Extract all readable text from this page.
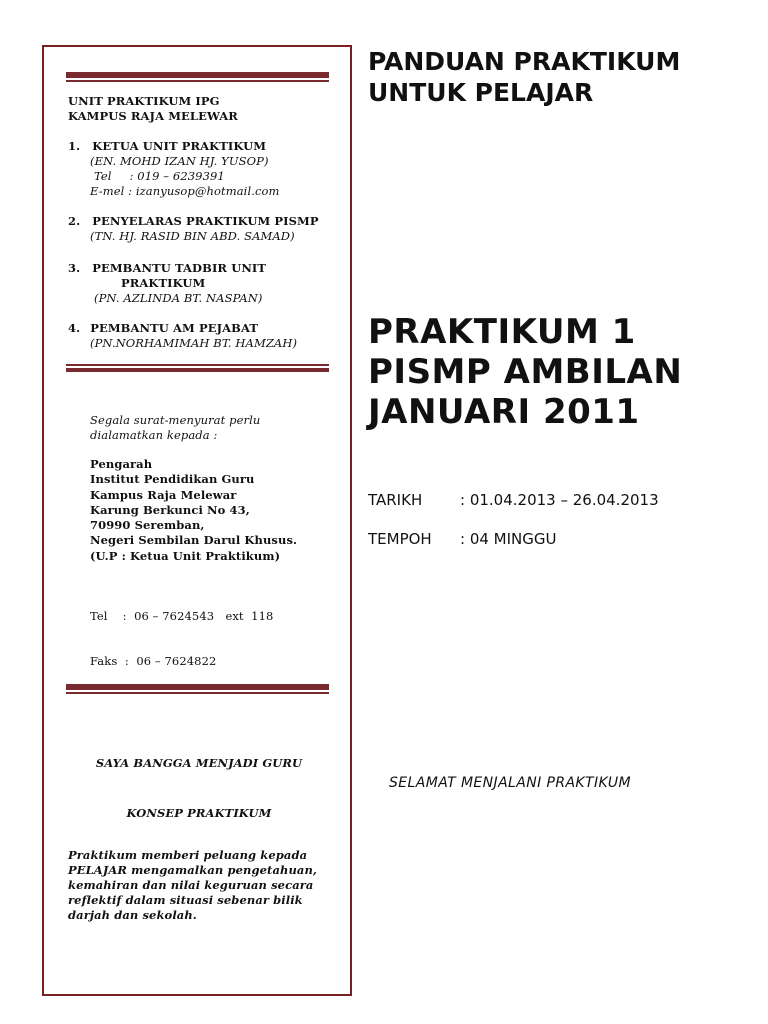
UNIT PRAKTIKUM IPG
KAMPUS RAJA MELEWAR
1. KETUA UNIT PRAKTIKUM
(EN. MOHD IZAN HJ. YUSOP)
Tel : 019 – 6239391
E-mel : izanyusop@hotmail.com
2. PENYELARAS PRAKTIKUM PISMP
(TN. HJ. RASID BIN ABD. SAMAD)
3. PEMBANTU TADBIR UNIT
PRAKTIKUM
(PN. AZLINDA BT. NASPAN)
4. PEMBANTU AM PEJABAT
(PN.NORHAMIMAH BT. HAMZAH)
Segala surat-menyurat perlu
dialamatkan kepada :
Pengarah
Institut Pendidikan Guru
Kampus Raja Melewar
Karung Berkunci No 43,
70990 Seremban,
Negeri Sembilan Darul Khusus.
(U.P : Ketua Unit Praktikum)

Tel    :  06 – 7624543   ext  118

Faks  :  06 – 7624822

SAYA BANGGA MENJADI GURU
KONSEP PRAKTIKUM
Praktikum memberi peluang kepada
PELAJAR mengamalkan pengetahuan,
kemahiran dan nilai keguruan secara
reflektif dalam situasi sebenar bilik
darjah dan sekolah.
PANDUAN PRAKTIKUM
UNTUK PELAJAR
PRAKTIKUM 1
PISMP AMBILAN
JANUARI 2011
TARIKH	: 01.04.2013 – 26.04.2013
TEMPOH : 04 MINGGU
SELAMAT MENJALANI PRAKTIKUM
